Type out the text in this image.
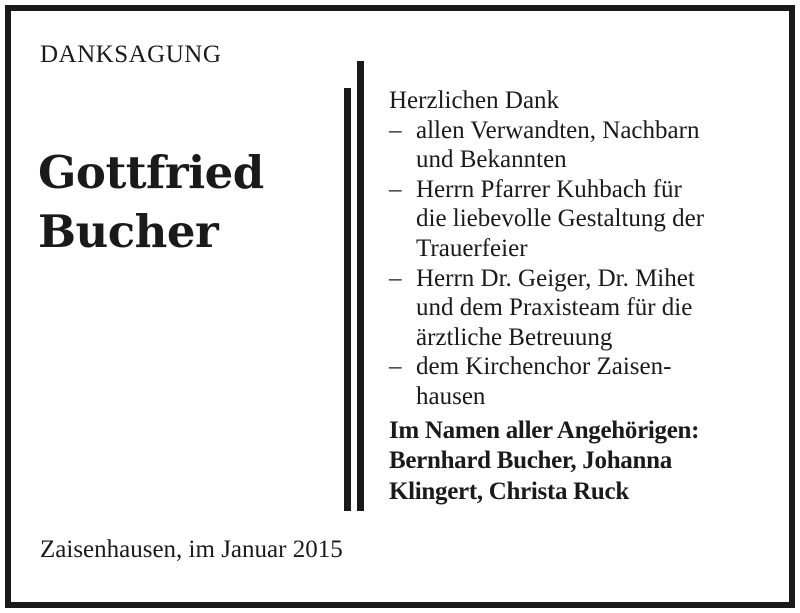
DANKSAGUNG
Gottfried
Bucher
Herzlichen Dank
– allen Verwandten, Nachbarn
und Bekannten
– Herrn Pfarrer Kuhbach für
die liebevolle Gestaltung der
Trauerfeier
– Herrn Dr. Geiger, Dr. Mihet
und dem Praxisteam für die
ärztliche Betreuung
– dem Kirchenchor Zaisen-
hausen
Im Namen aller Angehörigen:
Bernhard Bucher, Johanna
Klingert, Christa Ruck
Zaisenhausen, im Januar 2015
